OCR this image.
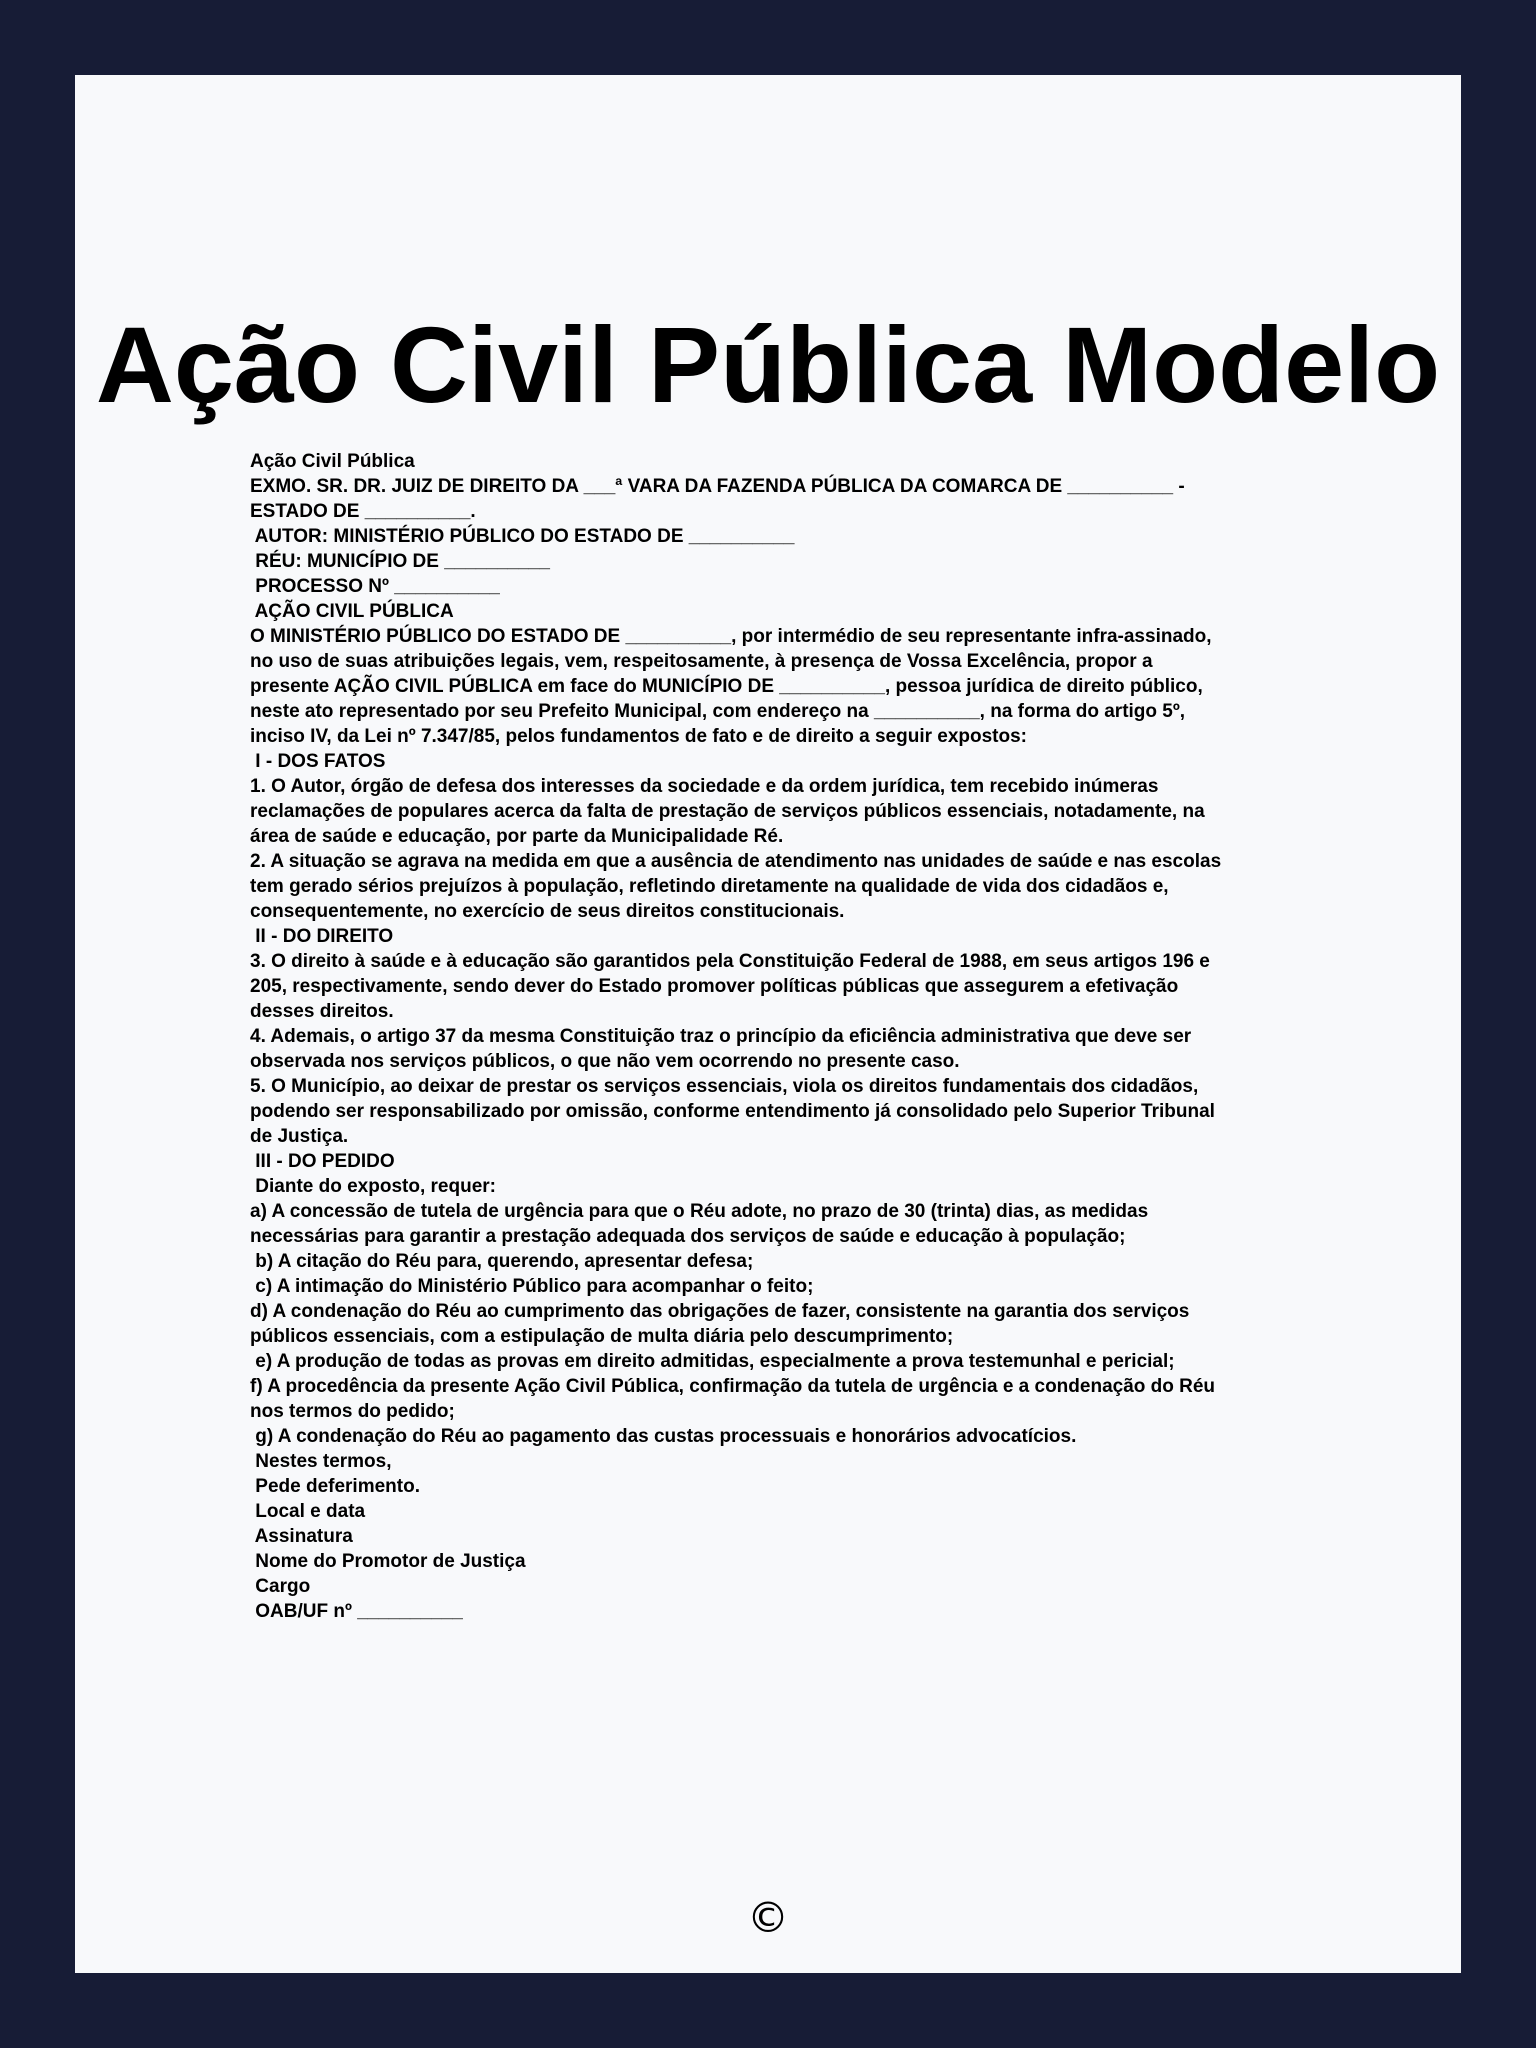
Ação Civil Pública Modelo
Ação Civil Pública
EXMO. SR. DR. JUIZ DE DIREITO DA ___ª VARA DA FAZENDA PÚBLICA DA COMARCA DE __________ -
ESTADO DE __________.
AUTOR: MINISTÉRIO PÚBLICO DO ESTADO DE __________
RÉU: MUNICÍPIO DE __________
PROCESSO Nº __________
AÇÃO CIVIL PÚBLICA
O MINISTÉRIO PÚBLICO DO ESTADO DE __________, por intermédio de seu representante infra-assinado,
no uso de suas atribuições legais, vem, respeitosamente, à presença de Vossa Excelência, propor a
presente AÇÃO CIVIL PÚBLICA em face do MUNICÍPIO DE __________, pessoa jurídica de direito público,
neste ato representado por seu Prefeito Municipal, com endereço na __________, na forma do artigo 5º,
inciso IV, da Lei nº 7.347/85, pelos fundamentos de fato e de direito a seguir expostos:
I - DOS FATOS
1. O Autor, órgão de defesa dos interesses da sociedade e da ordem jurídica, tem recebido inúmeras
reclamações de populares acerca da falta de prestação de serviços públicos essenciais, notadamente, na
área de saúde e educação, por parte da Municipalidade Ré.
2. A situação se agrava na medida em que a ausência de atendimento nas unidades de saúde e nas escolas
tem gerado sérios prejuízos à população, refletindo diretamente na qualidade de vida dos cidadãos e,
consequentemente, no exercício de seus direitos constitucionais.
II - DO DIREITO
3. O direito à saúde e à educação são garantidos pela Constituição Federal de 1988, em seus artigos 196 e
205, respectivamente, sendo dever do Estado promover políticas públicas que assegurem a efetivação
desses direitos.
4. Ademais, o artigo 37 da mesma Constituição traz o princípio da eficiência administrativa que deve ser
observada nos serviços públicos, o que não vem ocorrendo no presente caso.
5. O Município, ao deixar de prestar os serviços essenciais, viola os direitos fundamentais dos cidadãos,
podendo ser responsabilizado por omissão, conforme entendimento já consolidado pelo Superior Tribunal
de Justiça.
III - DO PEDIDO
Diante do exposto, requer:
a) A concessão de tutela de urgência para que o Réu adote, no prazo de 30 (trinta) dias, as medidas
necessárias para garantir a prestação adequada dos serviços de saúde e educação à população;
b) A citação do Réu para, querendo, apresentar defesa;
c) A intimação do Ministério Público para acompanhar o feito;
d) A condenação do Réu ao cumprimento das obrigações de fazer, consistente na garantia dos serviços
públicos essenciais, com a estipulação de multa diária pelo descumprimento;
e) A produção de todas as provas em direito admitidas, especialmente a prova testemunhal e pericial;
f) A procedência da presente Ação Civil Pública, confirmação da tutela de urgência e a condenação do Réu
nos termos do pedido;
g) A condenação do Réu ao pagamento das custas processuais e honorários advocatícios.
Nestes termos,
Pede deferimento.
Local e data
Assinatura
Nome do Promotor de Justiça
Cargo
OAB/UF nº __________
©
